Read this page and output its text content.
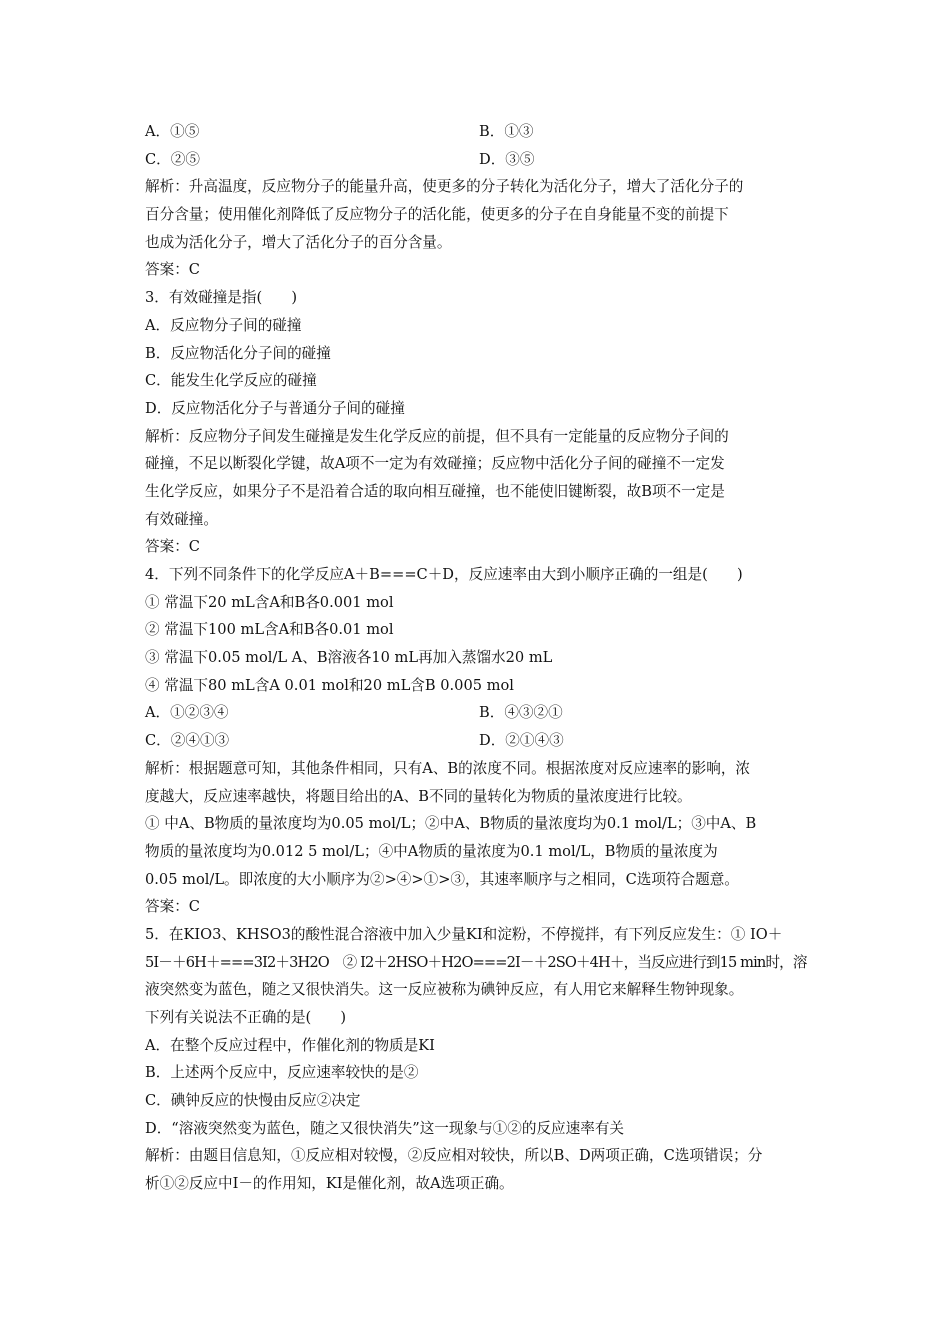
A．①⑤	B．①③
C．②⑤	D．③⑤
解析：升高温度，反应物分子的能量升高，使更多的分子转化为活化分子，增大了活化分子的
百分含量；使用催化剂降低了反应物分子的活化能，使更多的分子在自身能量不变的前提下
也成为活化分子，增大了活化分子的百分含量。
答案：C
3．有效碰撞是指(　　)
A．反应物分子间的碰撞
B．反应物活化分子间的碰撞
C．能发生化学反应的碰撞
D．反应物活化分子与普通分子间的碰撞
解析：反应物分子间发生碰撞是发生化学反应的前提，但不具有一定能量的反应物分子间的
碰撞，不足以断裂化学键，故A项不一定为有效碰撞；反应物中活化分子间的碰撞不一定发
生化学反应，如果分子不是沿着合适的取向相互碰撞，也不能使旧键断裂，故B项不一定是
有效碰撞。
答案：C
4．下列不同条件下的化学反应A＋B===C＋D，反应速率由大到小顺序正确的一组是(　　)
① 常温下20 mL含A和B各0.001 mol
② 常温下100 mL含A和B各0.01 mol
③ 常温下0.05 mol/L A、B溶液各10 mL再加入蒸馏水20 mL
④ 常温下80 mL含A 0.01 mol和20 mL含B 0.005 mol
A．①②③④	B．④③②①
C．②④①③	D．②①④③
解析：根据题意可知，其他条件相同，只有A、B的浓度不同。根据浓度对反应速率的影响，浓
度越大，反应速率越快，将题目给出的A、B不同的量转化为物质的量浓度进行比较。
① 中A、B物质的量浓度均为0.05 mol/L；②中A、B物质的量浓度均为0.1 mol/L；③中A、B
物质的量浓度均为0.012 5 mol/L；④中A物质的量浓度为0.1 mol/L，B物质的量浓度为
0.05 mol/L。即浓度的大小顺序为②>④>①>③，其速率顺序与之相同，C选项符合题意。
答案：C
5．在KIO3、KHSO3的酸性混合溶液中加入少量KI和淀粉，不停搅拌，有下列反应发生：① IO＋
5I－＋6H＋===3I2＋3H2O　② I2＋2HSO＋H2O===2I－＋2SO＋4H＋，当反应进行到15 min时，溶
液突然变为蓝色，随之又很快消失。这一反应被称为碘钟反应，有人用它来解释生物钟现象。
下列有关说法不正确的是(　　)
A．在整个反应过程中，作催化剂的物质是KI
B．上述两个反应中，反应速率较快的是②
C．碘钟反应的快慢由反应②决定
D．“溶液突然变为蓝色，随之又很快消失”这一现象与①②的反应速率有关
解析：由题目信息知，①反应相对较慢，②反应相对较快，所以B、D两项正确，C选项错误；分
析①②反应中I－的作用知，KI是催化剂，故A选项正确。
